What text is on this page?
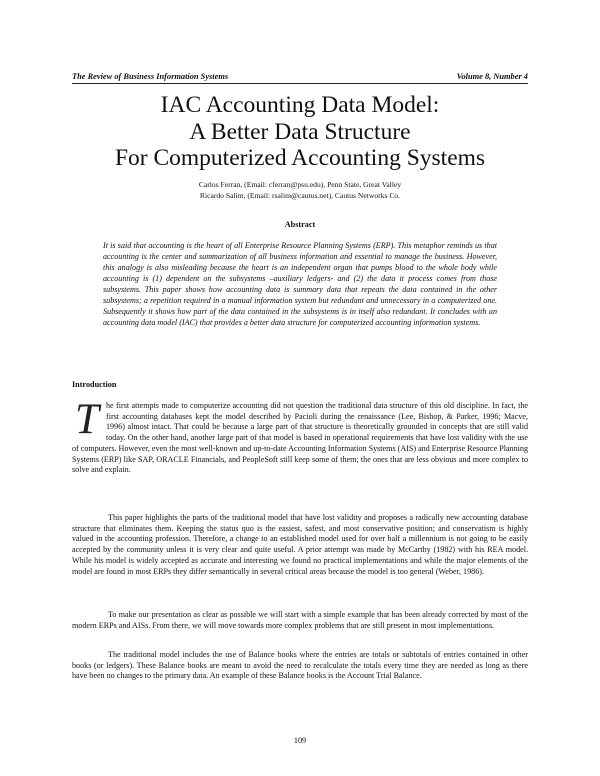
The Review of Business Information Systems	Volume 8, Number 4
IAC Accounting Data Model:
A Better Data Structure
For Computerized Accounting Systems
Carlos Ferran, (Email: cferran@psu.edu), Penn State, Great Valley
Ricardo Salim, (Email: rsalim@cautus.net), Cautus Networks Co.
Abstract

It is said that accounting is the heart of all Enterprise Resource Planning Systems (ERP). This metaphor reminds us that accounting is the center and summarization of all business information and essential to manage the business. However, this analogy is also misleading because the heart is an independent organ that pumps blood to the whole body while accounting is (1) dependent on the subsystems –auxiliary ledgers- and (2) the data it process comes from those subsystems. This paper shows how accounting data is summary data that repeats the data contained in the other subsystems; a repetition required in a manual information system but redundant and unnecessary in a computerized one. Subsequently it shows how part of the data contained in the subsystems is in itself also redundant. It concludes with an accounting data model (IAC) that provides a better data structure for computerized accounting information systems.

Introduction

The first attempts made to computerize accounting did not question the traditional data structure of this old discipline. In fact, the first accounting databases kept the model described by Pacioli during the renaissance (Lee, Bishop, & Parker, 1996; Macve, 1996) almost intact. That could be because a large part of that structure is theoretically grounded in concepts that are still valid today. On the other hand, another large part of that model is based in operational requirements that have lost validity with the use of computers. However, even the most well-known and up-to-date Accounting Information Systems (AIS) and Enterprise Resource Planning Systems (ERP) like SAP, ORACLE Financials, and PeopleSoft still keep some of them; the ones that are less obvious and more complex to solve and explain.

This paper highlights the parts of the traditional model that have lost validity and proposes a radically new accounting database structure that eliminates them. Keeping the status quo is the easiest, safest, and most conservative position; and conservatism is highly valued in the accounting profession. Therefore, a change to an established model used for over half a millennium is not going to be easily accepted by the community unless it is very clear and quite useful. A prior attempt was made by McCarthy (1982) with his REA model. While his model is widely accepted as accurate and interesting we found no practical implementations and while the major elements of the model are found in most ERPs they differ semantically in several critical areas because the model is too general (Weber, 1986).

To make our presentation as clear as possible we will start with a simple example that has been already corrected by most of the modern ERPs and AISs. From there, we will move towards more complex problems that are still present in most implementations.

The traditional model includes the use of Balance books where the entries are totals or subtotals of entries contained in other books (or ledgers). These Balance books are meant to avoid the need to recalculate the totals every time they are needed as long as there have been no changes to the primary data. An example of these Balance books is the Account Trial Balance.

109
